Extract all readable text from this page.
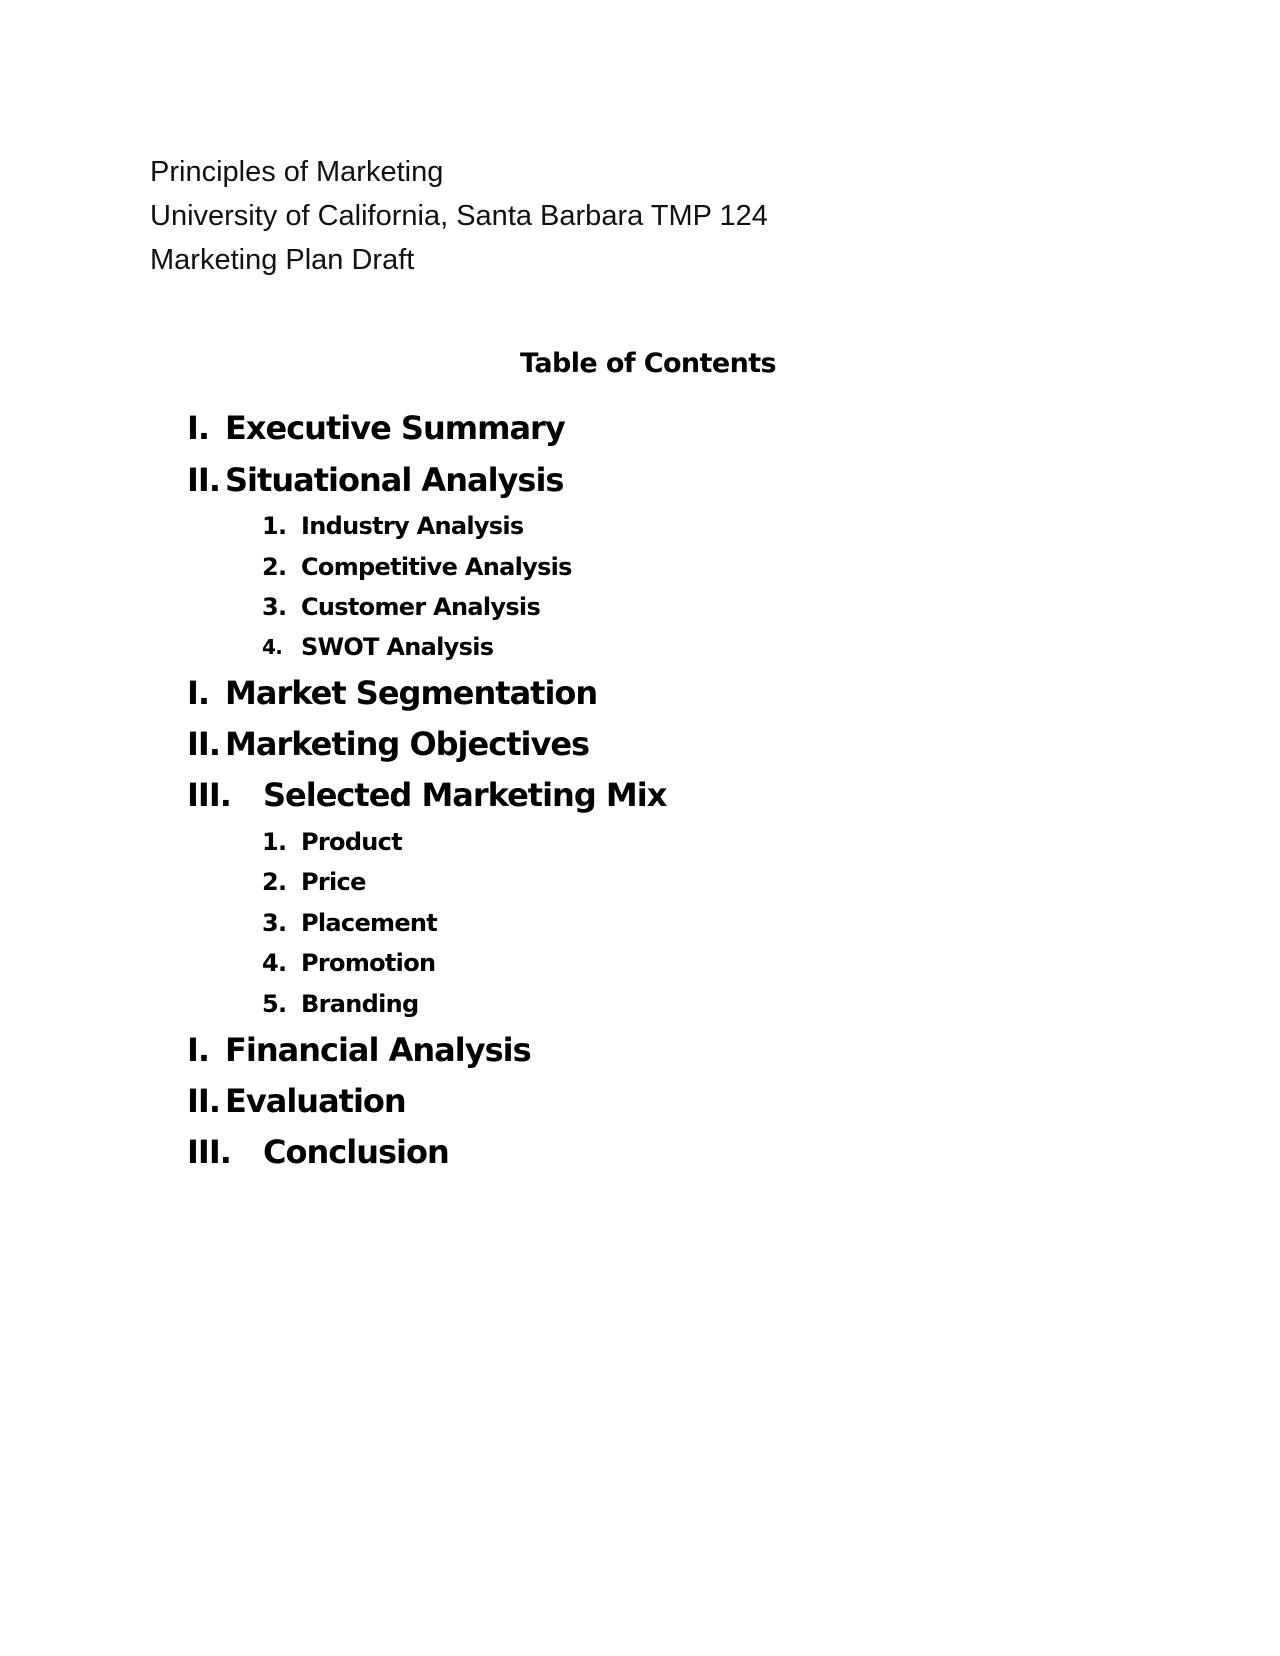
Principles of Marketing
University of California, Santa Barbara TMP 124
Marketing Plan Draft
Table of Contents
I. Executive Summary
II. Situational Analysis
1. Industry Analysis
2. Competitive Analysis
3. Customer Analysis
4. SWOT Analysis
I. Market Segmentation
II. Marketing Objectives
III. Selected Marketing Mix
1. Product
2. Price
3. Placement
4. Promotion
5. Branding
I. Financial Analysis
II. Evaluation
III. Conclusion
